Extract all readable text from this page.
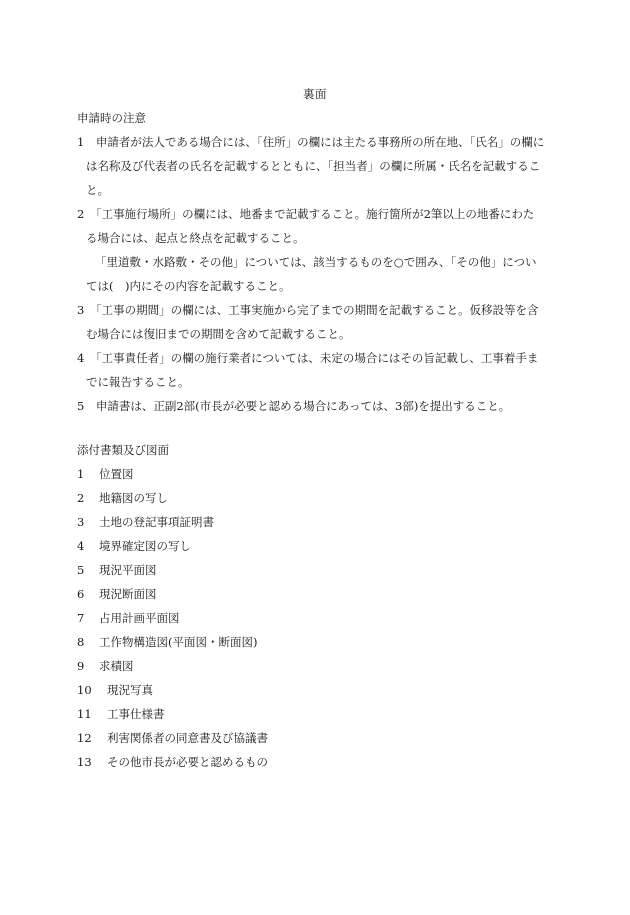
裏面
申請時の注意
1　申請者が法人である場合には、「住所」の欄には主たる事務所の所在地、「氏名」の欄に
は名称及び代表者の氏名を記載するとともに、「担当者」の欄に所属・氏名を記載するこ
と。
2　「工事施行場所」の欄には、地番まで記載すること。施行箇所が2筆以上の地番にわた
る場合には、起点と終点を記載すること。
「里道敷・水路敷・その他」については、該当するものを○で囲み、「その他」につい
ては(　)内にその内容を記載すること。
3　「工事の期間」の欄には、工事実施から完了までの期間を記載すること。仮移設等を含
む場合には復旧までの期間を含めて記載すること。
4　「工事責任者」の欄の施行業者については、未定の場合にはその旨記載し、工事着手ま
でに報告すること。
5　申請書は、正副2部(市長が必要と認める場合にあっては、3部)を提出すること。
添付書類及び図面
1 位置図
2 地籍図の写し
3 土地の登記事項証明書
4 境界確定図の写し
5 現況平面図
6 現況断面図
7 占用計画平面図
8 工作物構造図(平面図・断面図)
9 求積図
10 現況写真
11 工事仕様書
12 利害関係者の同意書及び協議書
13 その他市長が必要と認めるもの
